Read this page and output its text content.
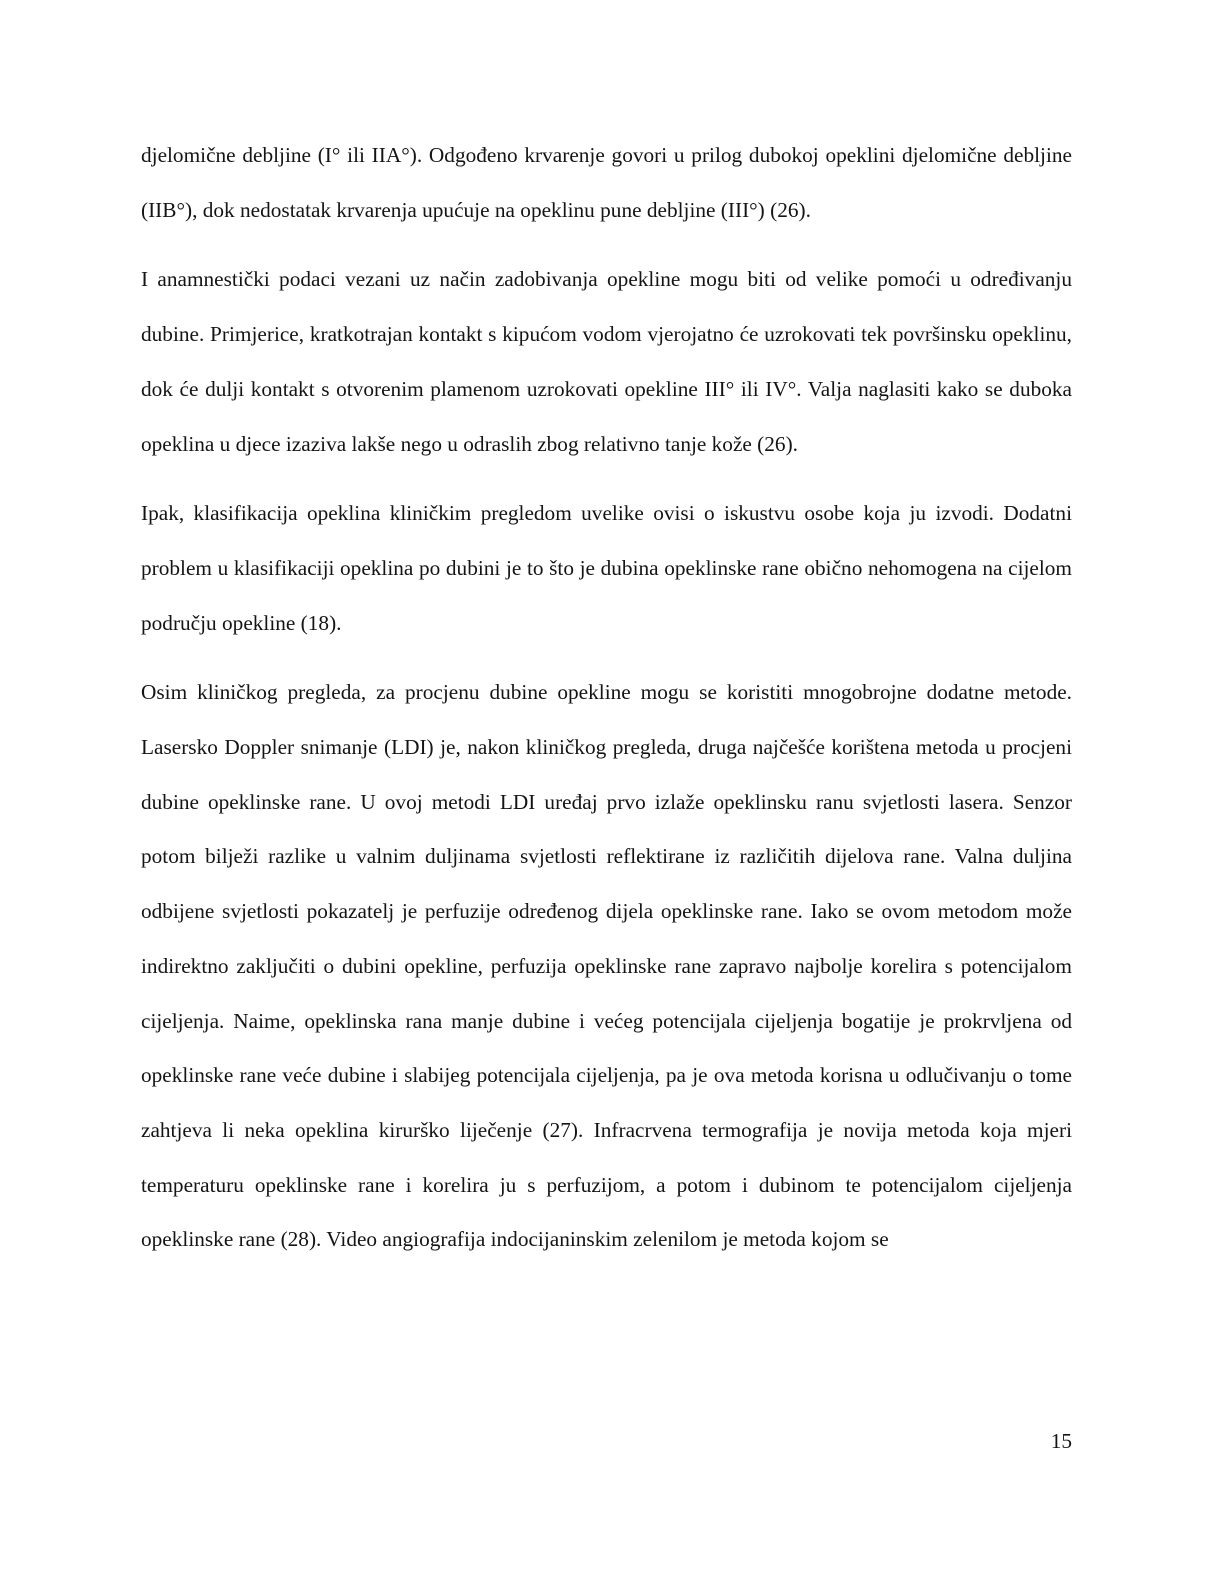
djelomične debljine (I° ili IIA°). Odgođeno krvarenje govori u prilog dubokoj opeklini djelomične debljine (IIB°), dok nedostatak krvarenja upućuje na opeklinu pune debljine (III°) (26).

I anamnestički podaci vezani uz način zadobivanja opekline mogu biti od velike pomoći u određivanju dubine. Primjerice, kratkotrajan kontakt s kipućom vodom vjerojatno će uzrokovati tek površinsku opeklinu, dok će dulji kontakt s otvorenim plamenom uzrokovati opekline III° ili IV°. Valja naglasiti kako se duboka opeklina u djece izaziva lakše nego u odraslih zbog relativno tanje kože (26).

Ipak, klasifikacija opeklina kliničkim pregledom uvelike ovisi o iskustvu osobe koja ju izvodi. Dodatni problem u klasifikaciji opeklina po dubini je to što je dubina opeklinske rane obično nehomogena na cijelom području opekline (18).

Osim kliničkog pregleda, za procjenu dubine opekline mogu se koristiti mnogobrojne dodatne metode. Lasersko Doppler snimanje (LDI) je, nakon kliničkog pregleda, druga najčešće korištena metoda u procjeni dubine opeklinske rane. U ovoj metodi LDI uređaj prvo izlaže opeklinsku ranu svjetlosti lasera. Senzor potom bilježi razlike u valnim duljinama svjetlosti reflektirane iz različitih dijelova rane. Valna duljina odbijene svjetlosti pokazatelj je perfuzije određenog dijela opeklinske rane. Iako se ovom metodom može indirektno zaključiti o dubini opekline, perfuzija opeklinske rane zapravo najbolje korelira s potencijalom cijeljenja. Naime, opeklinska rana manje dubine i većeg potencijala cijeljenja bogatije je prokrvljena od opeklinske rane veće dubine i slabijeg potencijala cijeljenja, pa je ova metoda korisna u odlučivanju o tome zahtjeva li neka opeklina kirurško liječenje (27). Infracrvena termografija je novija metoda koja mjeri temperaturu opeklinske rane i korelira ju s perfuzijom, a potom i dubinom te potencijalom cijeljenja opeklinske rane (28). Video angiografija indocijaninskim zelenilom je metoda kojom se

15
